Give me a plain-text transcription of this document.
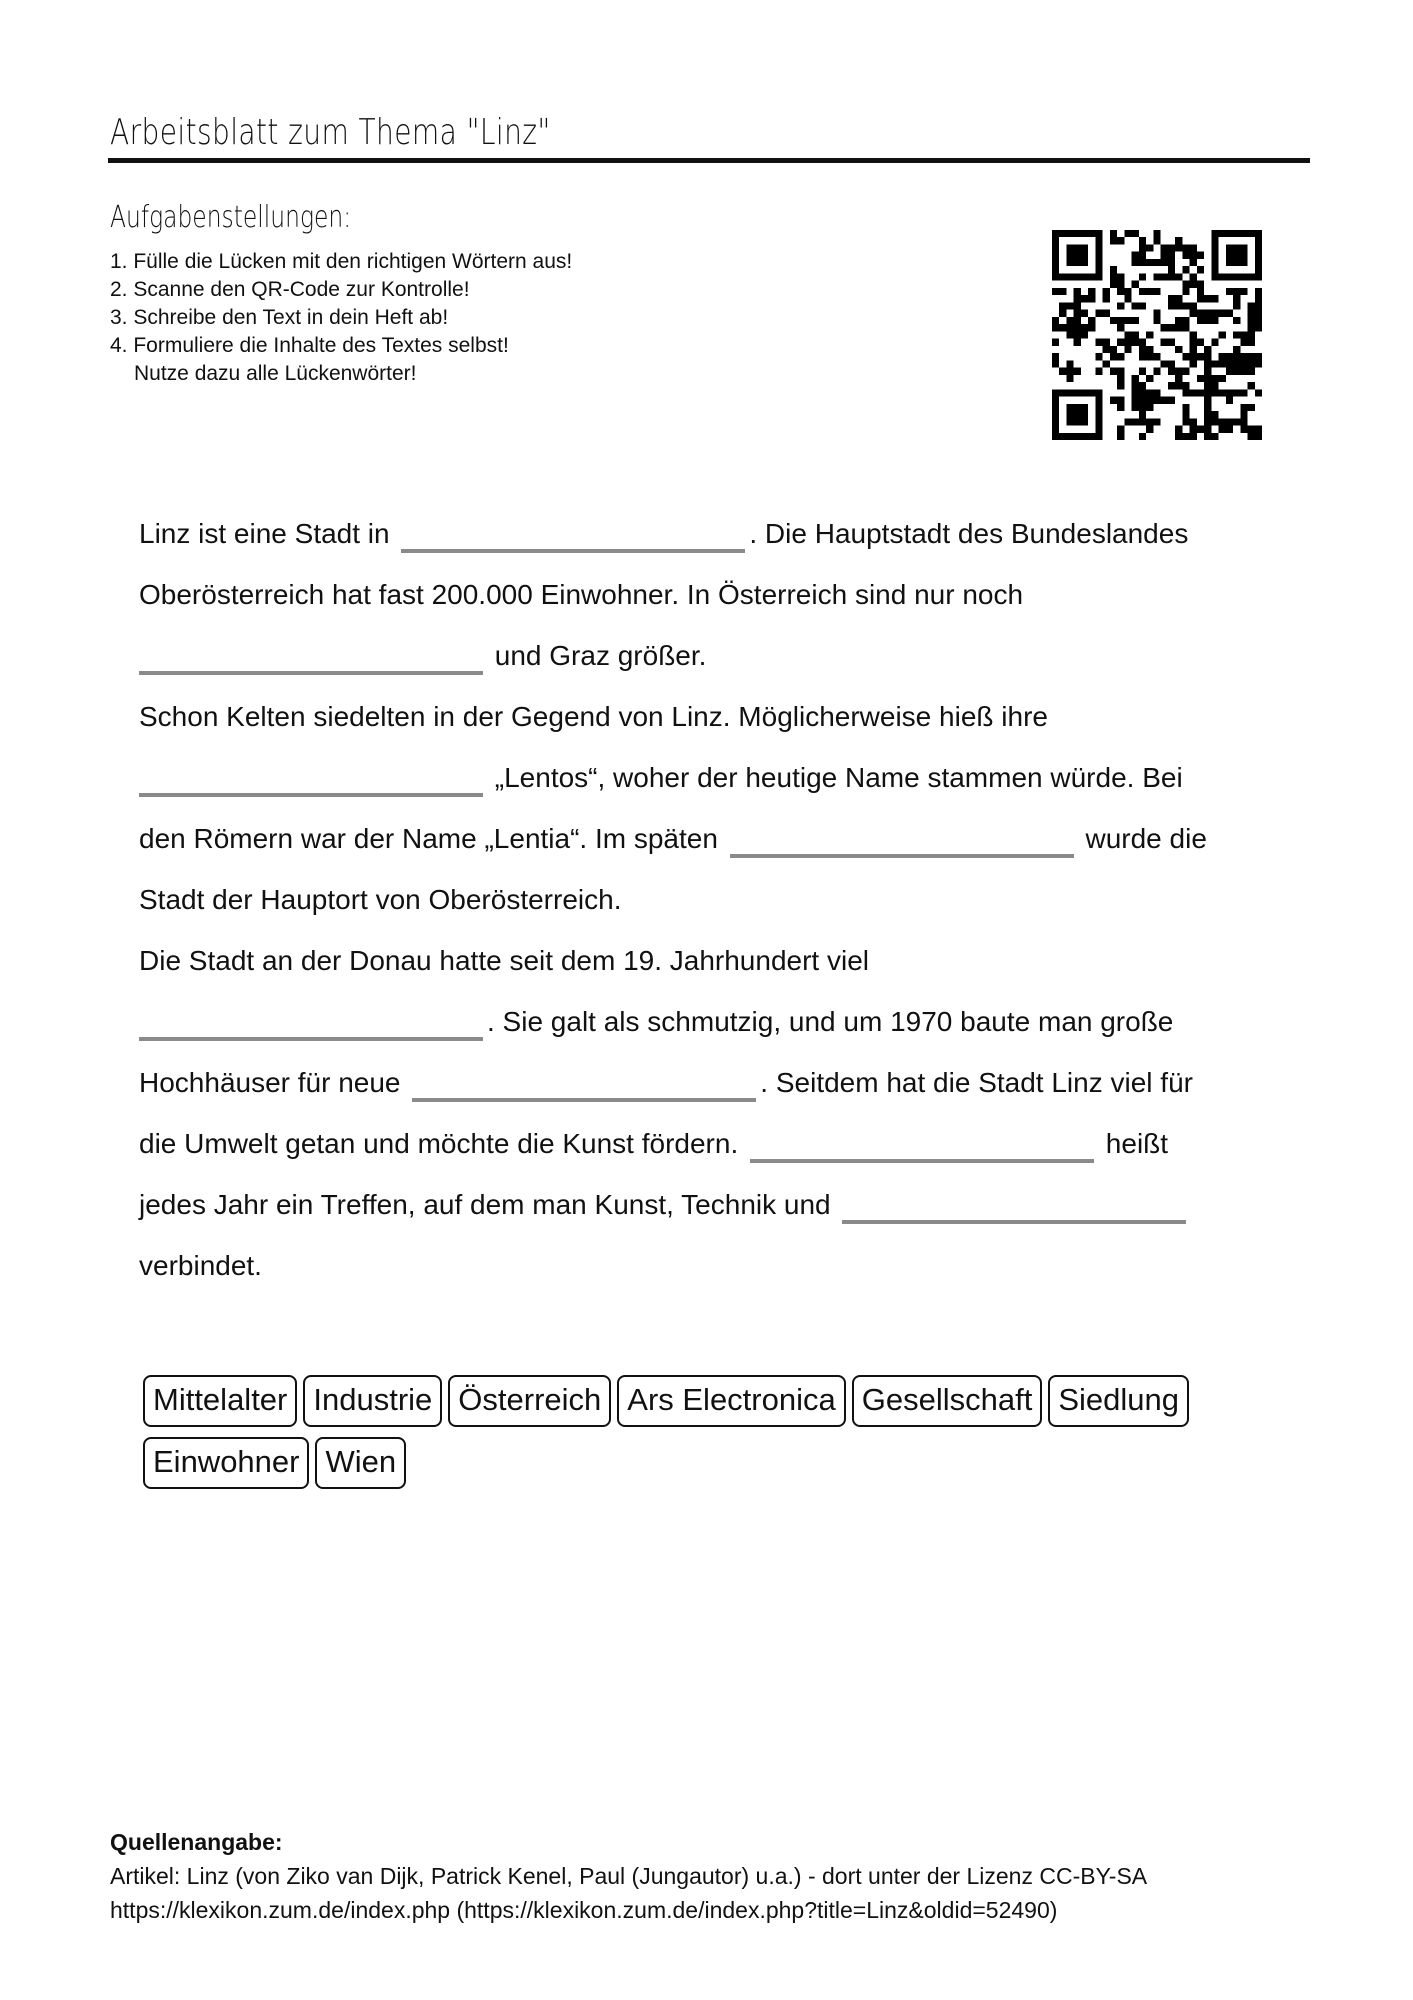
Arbeitsblatt zum Thema "Linz"
Aufgabenstellungen:
1. Fülle die Lücken mit den richtigen Wörtern aus!
2. Scanne den QR-Code zur Kontrolle!
3. Schreibe den Text in dein Heft ab!
4. Formuliere die Inhalte des Textes selbst!
Nutze dazu alle Lückenwörter!
Linz ist eine Stadt in	. Die Hauptstadt des Bundeslandes
Oberösterreich hat fast 200.000 Einwohner. In Österreich sind nur noch
und Graz größer.
Schon Kelten siedelten in der Gegend von Linz. Möglicherweise hieß ihre
„Lentos“, woher der heutige Name stammen würde. Bei
den Römern war der Name „Lentia“. Im späten	wurde die
Stadt der Hauptort von Oberösterreich.
Die Stadt an der Donau hatte seit dem 19. Jahrhundert viel
. Sie galt als schmutzig, und um 1970 baute man große
Hochhäuser für neue	. Seitdem hat die Stadt Linz viel für
die Umwelt getan und möchte die Kunst fördern.	heißt
jedes Jahr ein Treffen, auf dem man Kunst, Technik und
verbindet.
Mittelalter Industrie Österreich Ars Electronica Gesellschaft Siedlung
Einwohner Wien
Quellenangabe:
Artikel: Linz (von Ziko van Dijk, Patrick Kenel, Paul (Jungautor) u.a.) - dort unter der Lizenz CC-BY-SA
https://klexikon.zum.de/index.php (https://klexikon.zum.de/index.php?title=Linz&oldid=52490)
